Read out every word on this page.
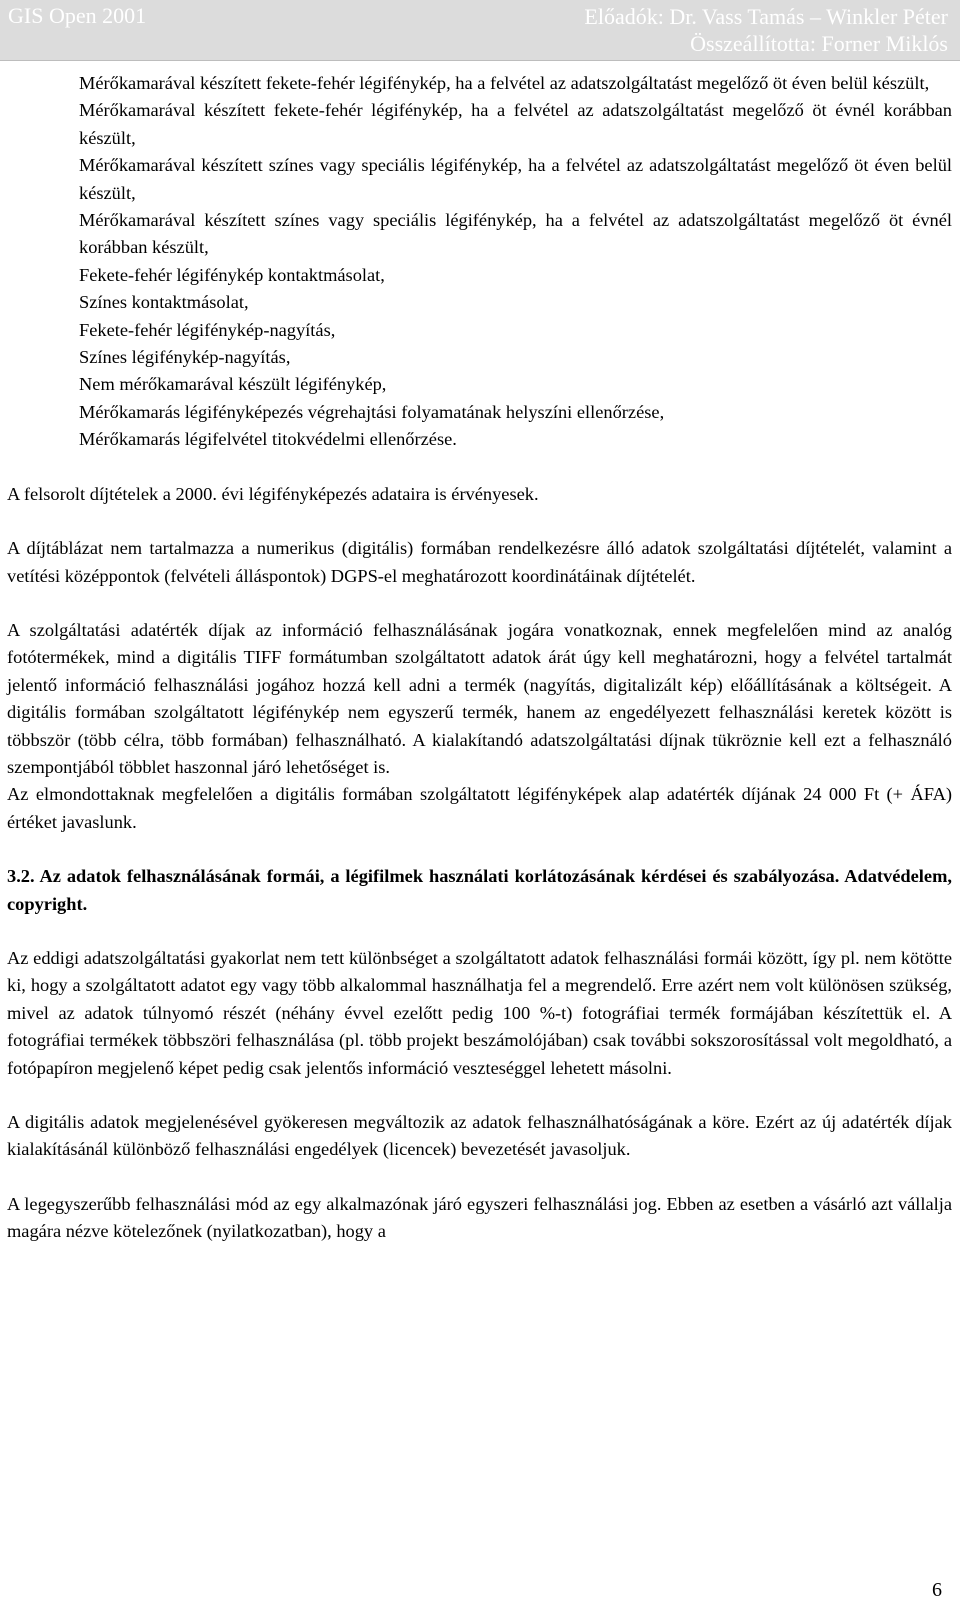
GIS Open 2001	Előadók: Dr. Vass Tamás – Winkler Péter
Összeállította: Forner Miklós

Mérőkamarával készített fekete-fehér légifénykép, ha a felvétel az adatszolgáltatást megelőző öt éven belül készült,

Mérőkamarával készített fekete-fehér légifénykép, ha a felvétel az adatszolgáltatást megelőző öt évnél korábban készült,

Mérőkamarával készített színes vagy speciális légifénykép, ha a felvétel az adatszolgáltatást megelőző öt éven belül készült,

Mérőkamarával készített színes vagy speciális légifénykép, ha a felvétel az adatszolgáltatást megelőző öt évnél korábban készült,

Fekete-fehér légifénykép kontaktmásolat,

Színes kontaktmásolat,

Fekete-fehér légifénykép-nagyítás,

Színes légifénykép-nagyítás,

Nem mérőkamarával készült légifénykép,

Mérőkamarás légifényképezés végrehajtási folyamatának helyszíni ellenőrzése,

Mérőkamarás légifelvétel titokvédelmi ellenőrzése.

A felsorolt díjtételek a 2000. évi légifényképezés adataira is érvényesek.

A díjtáblázat nem tartalmazza a numerikus (digitális) formában rendelkezésre álló adatok szolgáltatási díjtételét, valamint a vetítési középpontok (felvételi álláspontok) DGPS-el meghatározott koordinátáinak díjtételét.

A szolgáltatási adatérték díjak az információ felhasználásának jogára vonatkoznak, ennek megfelelően mind az analóg fotótermékek, mind a digitális TIFF formátumban szolgáltatott adatok árát úgy kell meghatározni, hogy a felvétel tartalmát jelentő információ felhasználási jogához hozzá kell adni a termék (nagyítás, digitalizált kép) előállításának a költségeit. A digitális formában szolgáltatott légifénykép nem egyszerű termék, hanem az engedélyezett felhasználási keretek között is többször (több célra, több formában) felhasználható. A kialakítandó adatszolgáltatási díjnak tükröznie kell ezt a felhasználó szempontjából többlet haszonnal járó lehetőséget is.

Az elmondottaknak megfelelően a digitális formában szolgáltatott légifényképek alap adatérték díjának 24 000 Ft (+ ÁFA) értéket javaslunk.

3.2. Az adatok felhasználásának formái, a légifilmek használati korlátozásának kérdései és szabályozása. Adatvédelem, copyright.

Az eddigi adatszolgáltatási gyakorlat nem tett különbséget a szolgáltatott adatok felhasználási formái között, így pl. nem kötötte ki, hogy a szolgáltatott adatot egy vagy több alkalommal használhatja fel a megrendelő. Erre azért nem volt különösen szükség, mivel az adatok túlnyomó részét (néhány évvel ezelőtt pedig 100 %-t) fotográfiai termék formájában készítettük el. A fotográfiai termékek többszöri felhasználása (pl. több projekt beszámolójában) csak további sokszorosítással volt megoldható, a fotópapíron megjelenő képet pedig csak jelentős információ veszteséggel lehetett másolni.

A digitális adatok megjelenésével gyökeresen megváltozik az adatok felhasználhatóságának a köre. Ezért az új adatérték díjak kialakításánál különböző felhasználási engedélyek (licencek) bevezetését javasoljuk.

A legegyszerűbb felhasználási mód az egy alkalmazónak járó egyszeri felhasználási jog. Ebben az esetben a vásárló azt vállalja magára nézve kötelezőnek (nyilatkozatban), hogy a

6
